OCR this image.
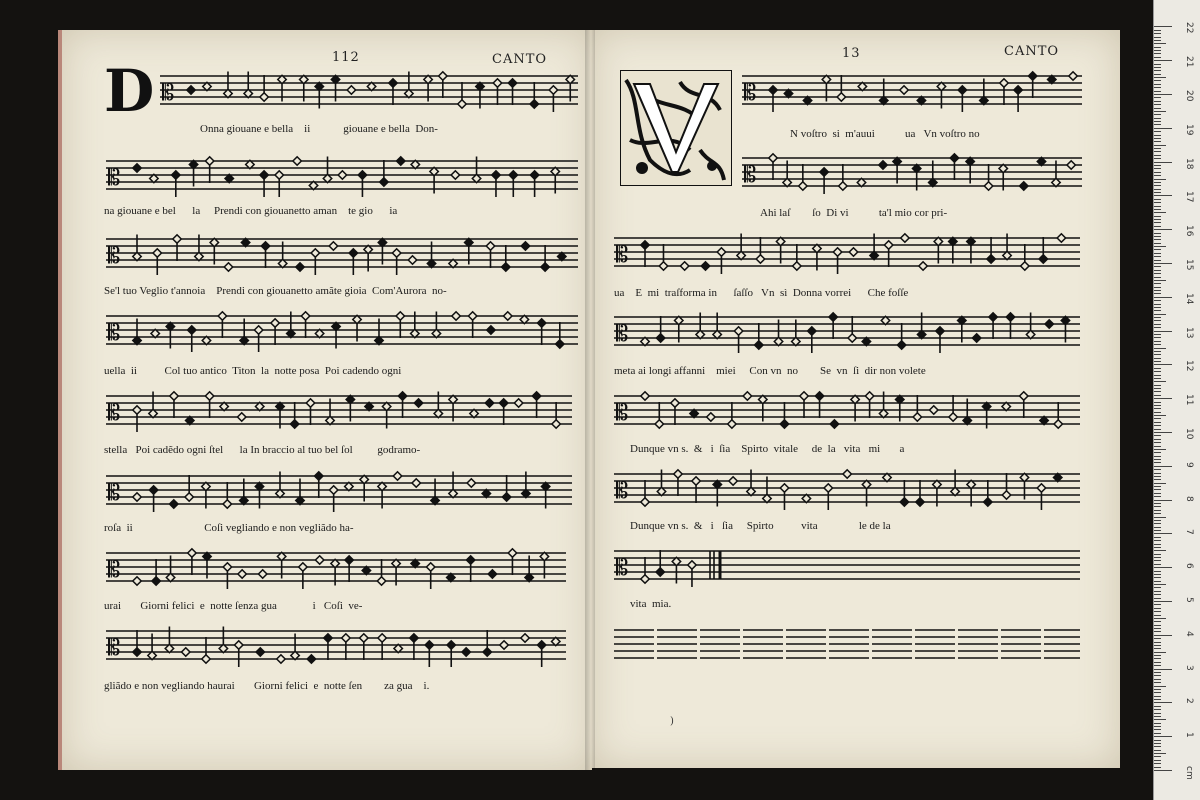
112	CANTO	13	CANTO
D 𝄡
𝄡
𝄡
𝄡
𝄡
𝄡
𝄡
𝄡
Onna giouane e bella    ii            giouane e bella  Don-
na giouane e bel      la     Prendi con giouanetto aman    te gio      ia
Se'l tuo Veglio t'annoia    Prendi con giouanetto amãte gioia  Com'Aurora  no-
uella  ii          Col tuo antico  Titon  la  notte posa  Poi cadendo ogni
stella   Poi cadẽdo ogni ſtel      la In braccio al tuo bel ſol         godramo-
roſa  ii                          Coſi vegliando e non vegliãdo ha-
urai       Giorni felici  e  notte ſenza gua             i   Coſi  ve-
gliãdo e non vegliando haurai       Giorni felici  e  notte ſen        za gua    i.
𝄡
𝄡
𝄡
𝄡
𝄡
𝄡
𝄡
N voſtro  si  m'auui           ua   Vn voſtro no
Ahi laſ        ſo  Di vi           ta'l mio cor pri-
ua    E  mi  traſforma in      ſaſſo   Vn  sì  Donna vorrei      Che foſſe
meta ai longi affanni    miei     Con vn  no        Se  vn  ſi  dir non volete
Dunque vn s.  &   i  ſia    Spirto  vitale     de  la   vita   mi       a
Dunque vn s.  &   i   ſia     Spirto          vita               le de la
vita  mia.
)
cm
1
2
3
4
5
6
7
8
9
10
11
12
13
14
15
16
17
18
19
20
21
22
